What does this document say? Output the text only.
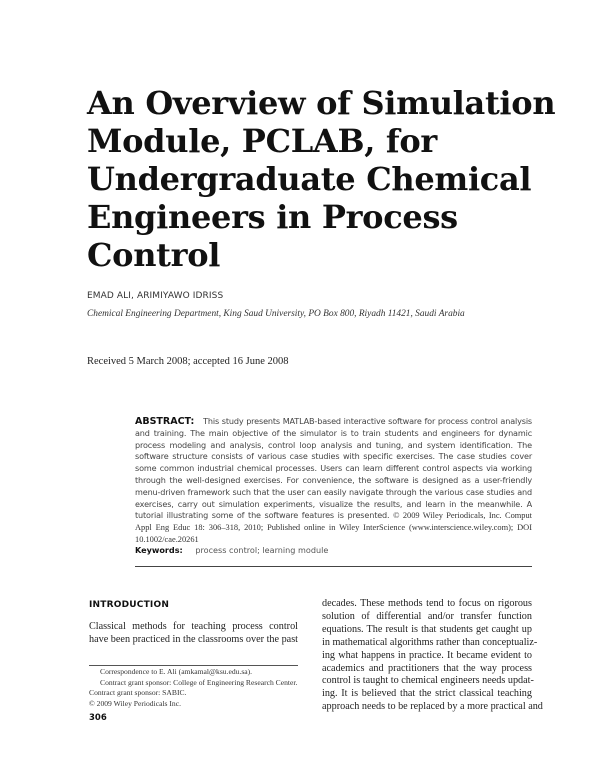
An Overview of Simulation
Module, PCLAB, for
Undergraduate Chemical
Engineers in Process
Control
EMAD ALI, ARIMIYAWO IDRISS
Chemical Engineering Department, King Saud University, PO Box 800, Riyadh 11421, Saudi Arabia
Received 5 March 2008; accepted 16 June 2008
ABSTRACT: This study presents MATLAB-based interactive software for process control analysis and training. The main objective of the simulator is to train students and engineers for dynamic process modeling and analysis, control loop analysis and tuning, and system identification. The software structure consists of various case studies with specific exercises. The case studies cover some common industrial chemical processes. Users can learn different control aspects via working through the well-designed exercises. For convenience, the software is designed as a user-friendly menu-driven framework such that the user can easily navigate through the various case studies and exercises, carry out simulation experiments, visualize the results, and learn in the meanwhile. A tutorial illustrating some of the software features is presented. © 2009 Wiley Periodicals, Inc. Comput Appl Eng Educ 18: 306–318, 2010; Published online in Wiley InterScience (www.interscience.wiley.com); DOI 10.1002/cae.20261
Keywords: process control; learning module
INTRODUCTION
Classical methods for teaching process control have been practiced in the classrooms over the past
decades. These methods tend to focus on rigorous
solution of differential and/or transfer function
equations. The result is that students get caught up
in mathematical algorithms rather than conceptualiz-
ing what happens in practice. It became evident to
academics and practitioners that the way process
control is taught to chemical engineers needs updat-
ing. It is believed that the strict classical teaching
approach needs to be replaced by a more practical and
Correspondence to E. Ali (amkamal@ksu.edu.sa).
Contract grant sponsor: College of Engineering Research Center.
Contract grant sponsor: SABIC.
© 2009 Wiley Periodicals Inc.
306
